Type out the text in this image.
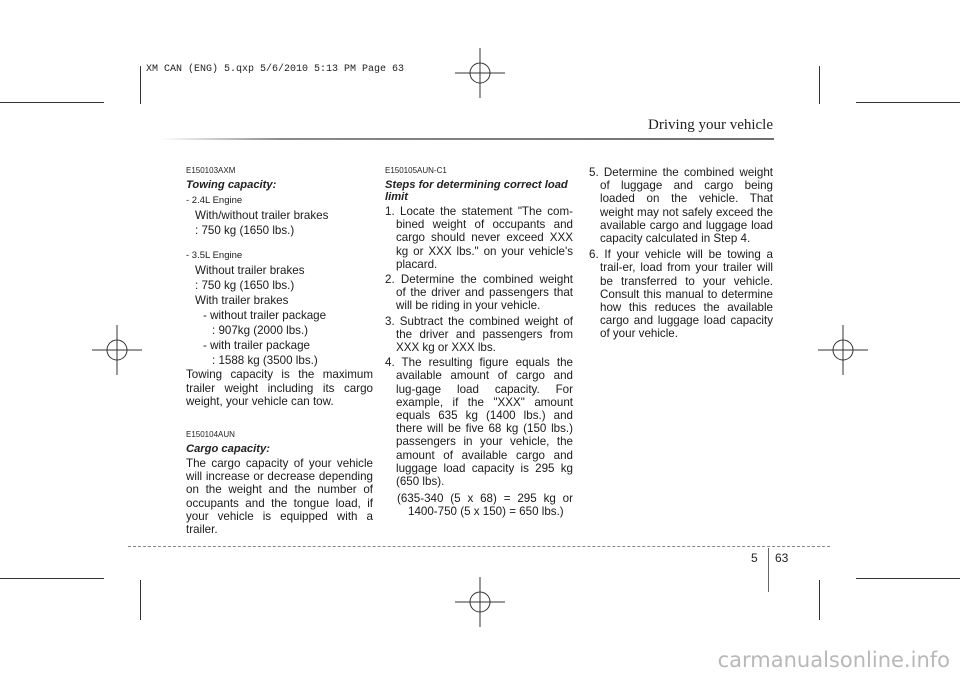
XM CAN (ENG) 5.qxp 5/6/2010 5:13 PM Page 63
Driving your vehicle
E150103AXM
Towing capacity:

- 2.4L Engine

With/without trailer brakes

: 750 kg (1650 lbs.)

- 3.5L Engine

Without trailer brakes

: 750 kg (1650 lbs.)

With trailer brakes

- without trailer package

: 907kg (2000 lbs.)

- with trailer package

: 1588 kg (3500 lbs.)

Towing capacity is the maximum trailer weight including its cargo weight, your vehicle can tow.

E150104AUN
Cargo capacity:

The cargo capacity of your vehicle will increase or decrease depending on the weight and the number of occupants and the tongue load, if your vehicle is equipped with a trailer.

E150105AUN-C1
Steps for determining correct load limit

1. Locate the statement "The com-bined weight of occupants and cargo should never exceed XXX kg or XXX lbs." on your vehicle's placard.

2. Determine the combined weight of the driver and passengers that will be riding in your vehicle.

3. Subtract the combined weight of the driver and passengers from XXX kg or XXX lbs.

4. The resulting figure equals the available amount of cargo and lug-gage load capacity. For example, if the "XXX" amount equals 635 kg (1400 lbs.) and there will be five 68 kg (150 lbs.) passengers in your vehicle, the amount of available cargo and luggage load capacity is 295 kg (650 lbs).

(635-340 (5 x 68) = 295 kg or 1400-750 (5 x 150) = 650 lbs.)

5. Determine the combined weight of luggage and cargo being loaded on the vehicle. That weight may not safely exceed the available cargo and luggage load capacity calculated in Step 4.

6. If your vehicle will be towing a trail-er, load from your trailer will be transferred to your vehicle. Consult this manual to determine how this reduces the available cargo and luggage load capacity of your vehicle.

5 63
carmanualsonline.info
